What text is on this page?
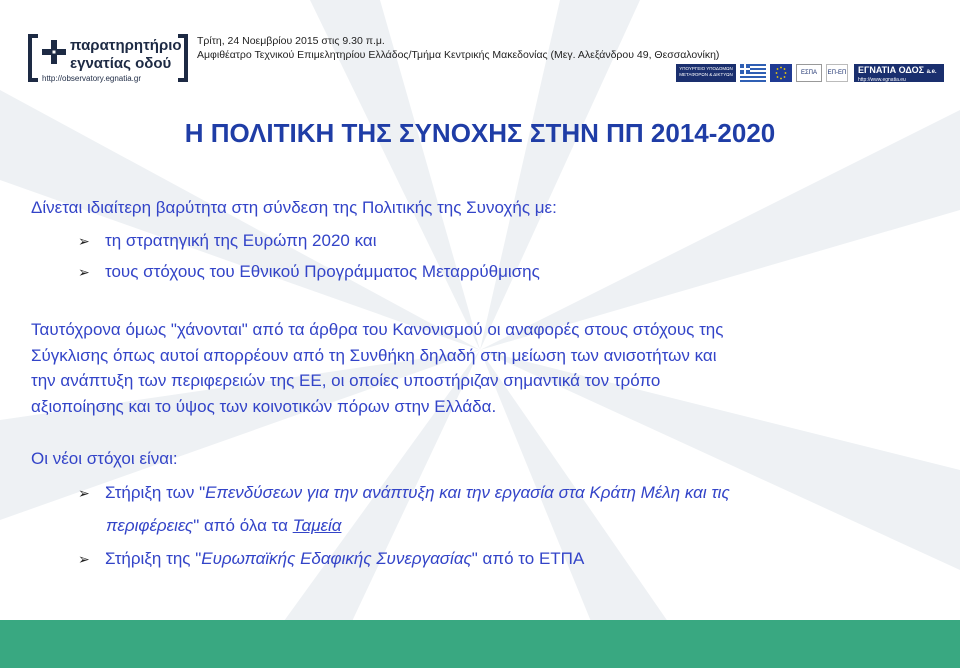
παρατηρητήριο
εγνατίας οδού
http://observatory.egnatia.gr
Τρίτη, 24 Νοεμβρίου 2015 στις 9.30 π.μ.
Αμφιθέατρο Τεχνικού Επιμελητηρίου Ελλάδος/Τμήμα Κεντρικής Μακεδονίας (Μεγ. Αλεξάνδρου 49, Θεσσαλονίκη)
ΥΠΟΥΡΓΕΙΟ ΥΠΟΔΟΜΩΝ ΜΕΤΑΦΟΡΩΝ & ΔΙΚΤΥΩΝ	ΕΣΠΑ	ΕΠ-ΕΠ	ΕΓΝΑΤΙΑ ΟΔΟΣ a.e.
http://www.egnatia.eu
Η ΠΟΛΙΤΙΚΗ ΤΗΣ ΣΥΝΟΧΗΣ ΣΤΗΝ ΠΠ 2014-2020
Δίνεται ιδιαίτερη βαρύτητα στη σύνδεση της Πολιτικής της Συνοχής με:
➢ τη στρατηγική της Ευρώπη 2020 και
➢ τους στόχους του Εθνικού Προγράμματος Μεταρρύθμισης
Ταυτόχρονα όμως "χάνονται" από τα άρθρα του Κανονισμού οι αναφορές στους στόχους της
Σύγκλισης όπως αυτοί απορρέουν από τη Συνθήκη δηλαδή στη μείωση των ανισοτήτων και
την ανάπτυξη των περιφερειών της ΕΕ, οι οποίες υποστήριζαν σημαντικά τον τρόπο
αξιοποίησης και το ύψος των κοινοτικών πόρων στην Ελλάδα.
Οι νέοι στόχοι είναι:
➢ Στήριξη των "Επενδύσεων για την ανάπτυξη και την εργασία στα Κράτη Μέλη και τις
περιφέρειες" από όλα τα Ταμεία
➢ Στήριξη της "Ευρωπαϊκής Εδαφικής Συνεργασίας" από το ΕΤΠΑ
